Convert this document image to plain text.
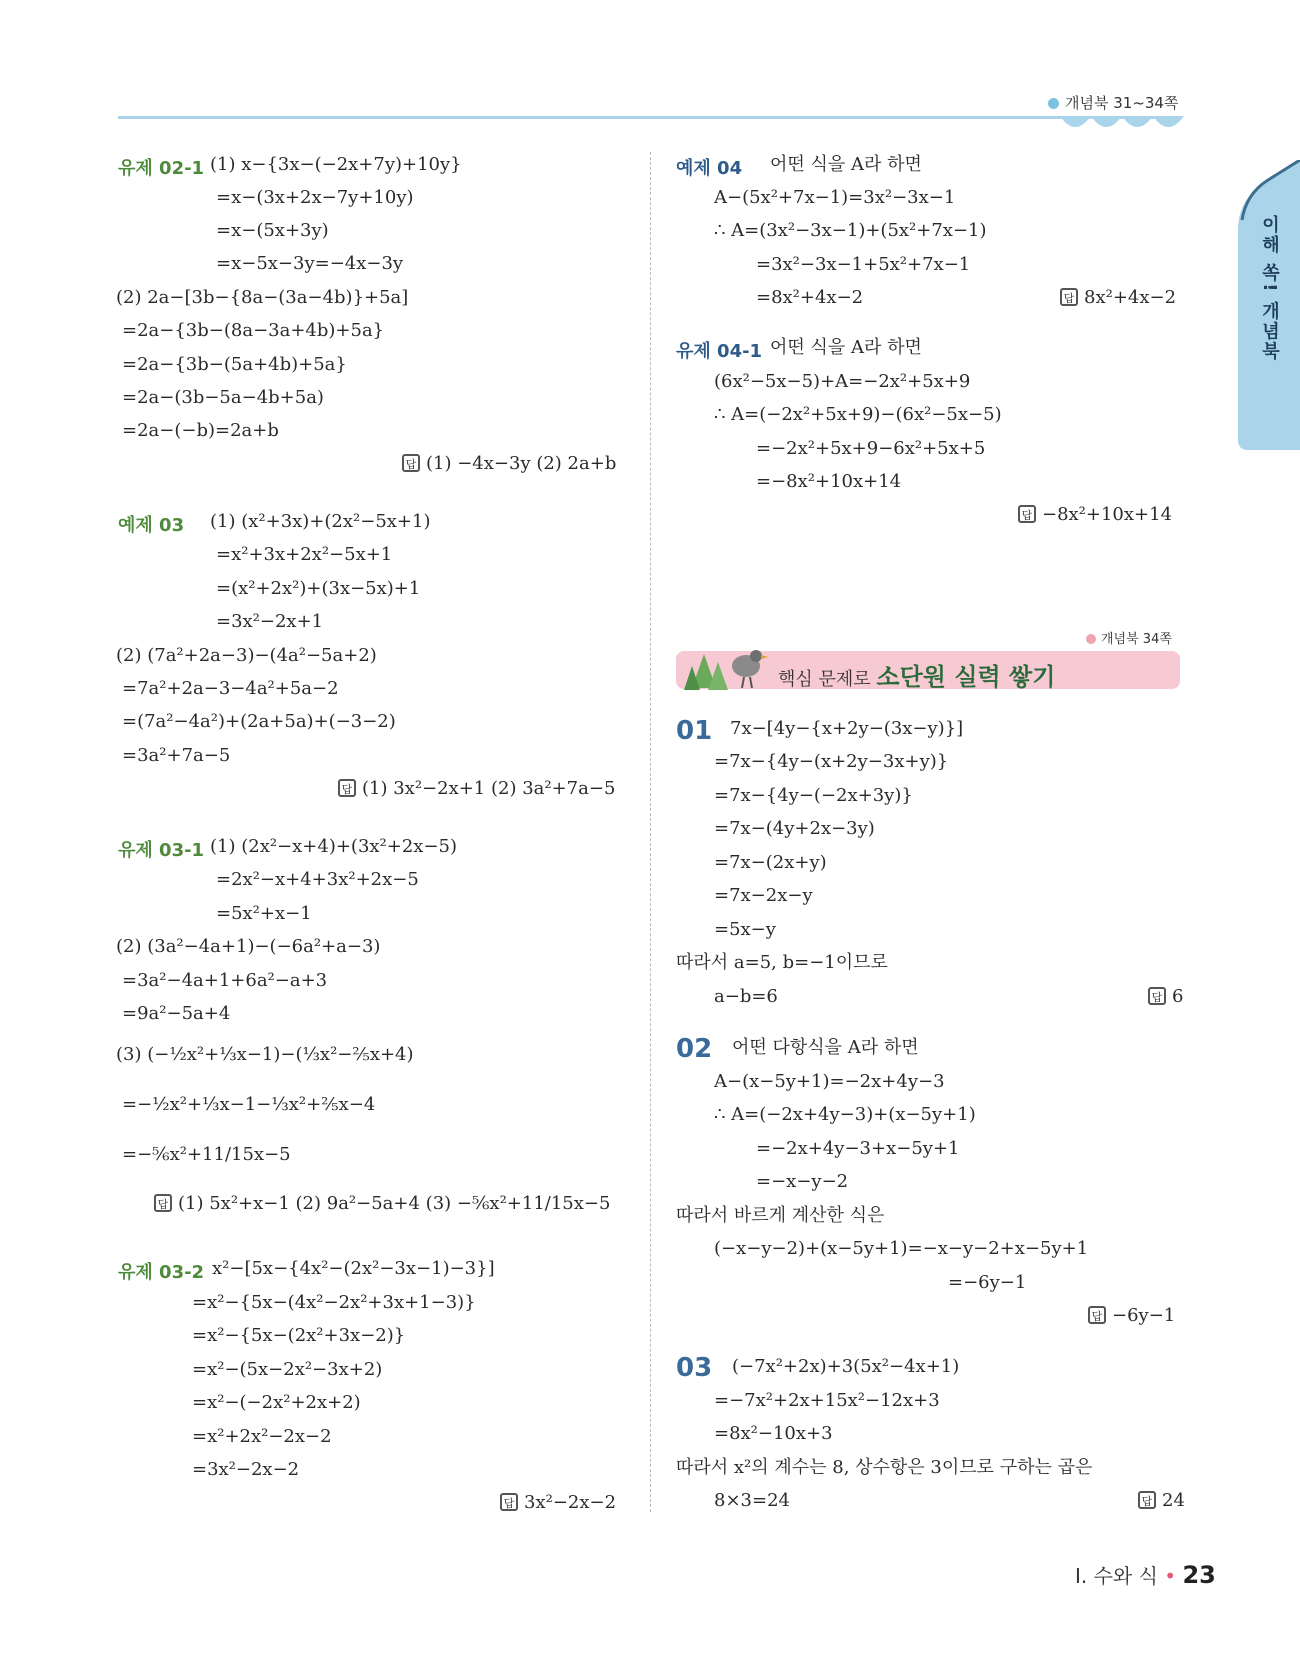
개념북 31~34쪽
이해 쏙! 개념북
유제 02-1 (1) x−{3x−(−2x+7y)+10y}
=x−(3x+2x−7y+10y)
=x−(5x+3y)
=x−5x−3y=−4x−3y
(2) 2a−[3b−{8a−(3a−4b)}+5a]
=2a−{3b−(8a−3a+4b)+5a}
=2a−{3b−(5a+4b)+5a}
=2a−(3b−5a−4b+5a)
=2a−(−b)=2a+b
답 (1) −4x−3y (2) 2a+b
예제 03 (1) (x²+3x)+(2x²−5x+1)
=x²+3x+2x²−5x+1
=(x²+2x²)+(3x−5x)+1
=3x²−2x+1
(2) (7a²+2a−3)−(4a²−5a+2)
=7a²+2a−3−4a²+5a−2
=(7a²−4a²)+(2a+5a)+(−3−2)
=3a²+7a−5
답 (1) 3x²−2x+1 (2) 3a²+7a−5
유제 03-1 (1) (2x²−x+4)+(3x²+2x−5)
=2x²−x+4+3x²+2x−5
=5x²+x−1
(2) (3a²−4a+1)−(−6a²+a−3)
=3a²−4a+1+6a²−a+3
=9a²−5a+4
(3) (−½x²+⅓x−1)−(⅓x²−⅖x+4)
=−½x²+⅓x−1−⅓x²+⅖x−4
=−⅚x²+11/15x−5
답 (1) 5x²+x−1 (2) 9a²−5a+4 (3) −⅚x²+11/15x−5
유제 03-2 x²−[5x−{4x²−(2x²−3x−1)−3}]
=x²−{5x−(4x²−2x²+3x+1−3)}
=x²−{5x−(2x²+3x−2)}
=x²−(5x−2x²−3x+2)
=x²−(−2x²+2x+2)
=x²+2x²−2x−2
=3x²−2x−2
답 3x²−2x−2
예제 04 어떤 식을 A라 하면
A−(5x²+7x−1)=3x²−3x−1
∴ A=(3x²−3x−1)+(5x²+7x−1)
=3x²−3x−1+5x²+7x−1
=8x²+4x−2	답 8x²+4x−2
유제 04-1 어떤 식을 A라 하면
(6x²−5x−5)+A=−2x²+5x+9
∴ A=(−2x²+5x+9)−(6x²−5x−5)
=−2x²+5x+9−6x²+5x+5
=−8x²+10x+14
답 −8x²+10x+14
개념북 34쪽
핵심 문제로 소단원 실력 쌓기
01 7x−[4y−{x+2y−(3x−y)}]
=7x−{4y−(x+2y−3x+y)}
=7x−{4y−(−2x+3y)}
=7x−(4y+2x−3y)
=7x−(2x+y)
=7x−2x−y
=5x−y
따라서 a=5, b=−1이므로
a−b=6	답 6
02 어떤 다항식을 A라 하면
A−(x−5y+1)=−2x+4y−3
∴ A=(−2x+4y−3)+(x−5y+1)
=−2x+4y−3+x−5y+1
=−x−y−2
따라서 바르게 계산한 식은
(−x−y−2)+(x−5y+1)=−x−y−2+x−5y+1
=−6y−1
답 −6y−1
03 (−7x²+2x)+3(5x²−4x+1)
=−7x²+2x+15x²−12x+3
=8x²−10x+3
따라서 x²의 계수는 8, 상수항은 3이므로 구하는 곱은
8×3=24	답 24
Ⅰ. 수와 식 • 23
